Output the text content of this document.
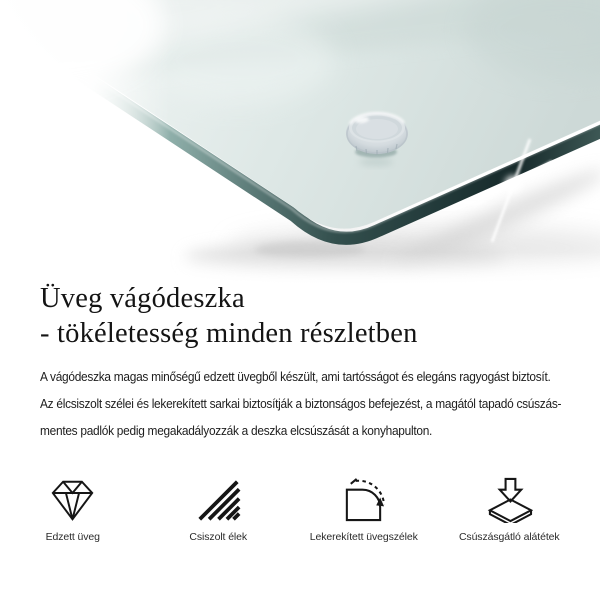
Üveg vágódeszka
- tökéletesség minden részletben

A vágódeszka magas minőségű edzett üvegből készült, ami tartósságot és elegáns ragyogást biztosít.
Az élcsiszolt szélei és lekerekített sarkai biztosítják a biztonságos befejezést, a magától tapadó csúszás-
mentes padlók pedig megakadályozzák a deszka elcsúszását a konyhapulton.

Edzett üveg	Csiszolt élek	Lekerekített üvegszélek	Csúszásgátló alátétek
